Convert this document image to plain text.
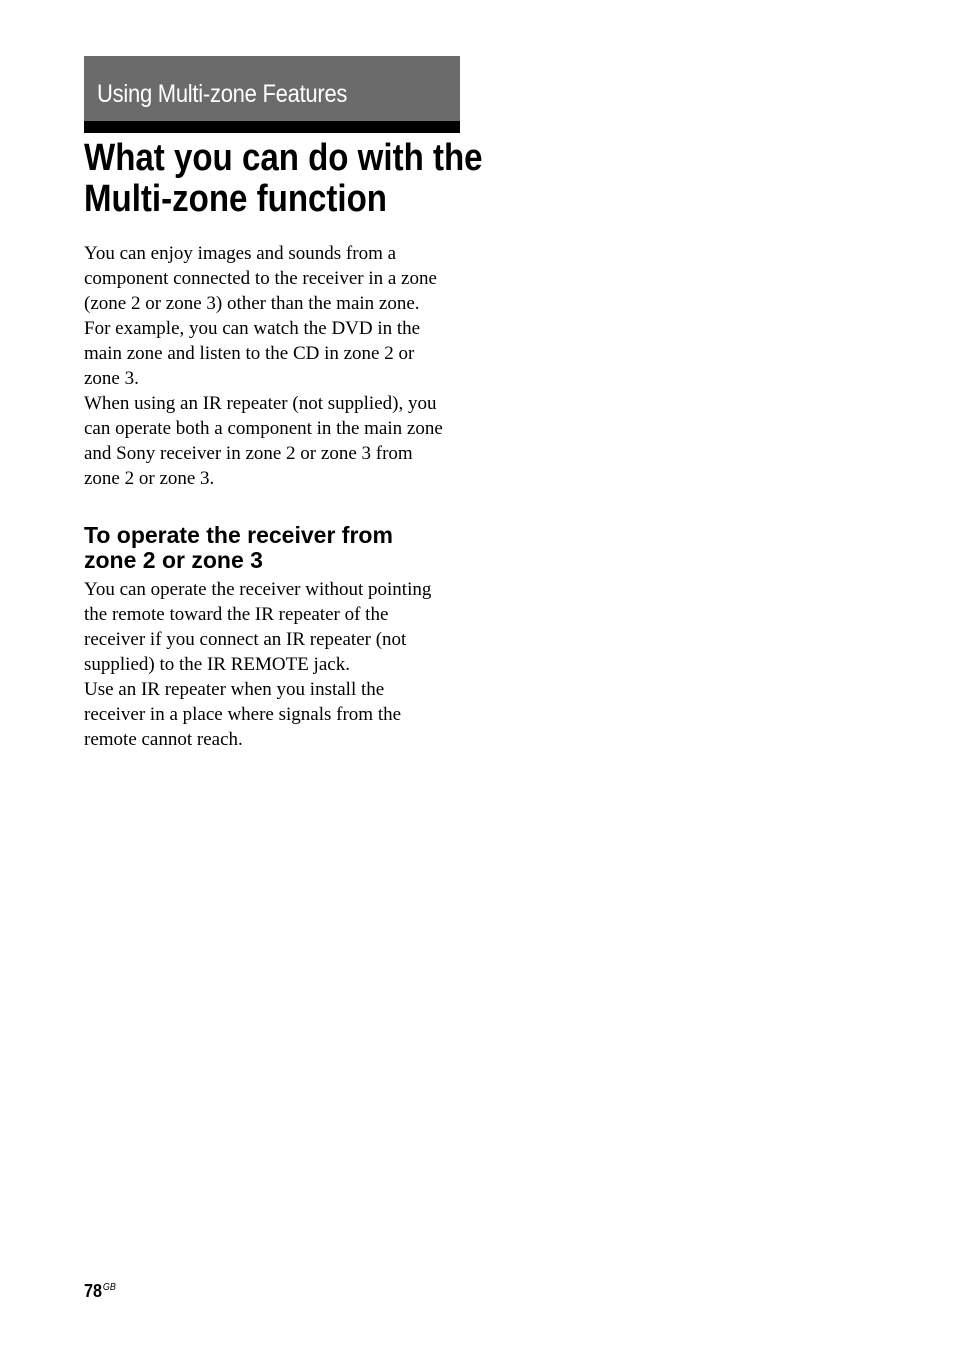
Using Multi-zone Features
What you can do with the
Multi-zone function

You can enjoy images and sounds from a
component connected to the receiver in a zone
(zone 2 or zone 3) other than the main zone.
For example, you can watch the DVD in the
main zone and listen to the CD in zone 2 or
zone 3.
When using an IR repeater (not supplied), you
can operate both a component in the main zone
and Sony receiver in zone 2 or zone 3 from
zone 2 or zone 3.

To operate the receiver from
zone 2 or zone 3

You can operate the receiver without pointing
the remote toward the IR repeater of the
receiver if you connect an IR repeater (not
supplied) to the IR REMOTE jack.
Use an IR repeater when you install the
receiver in a place where signals from the
remote cannot reach.

$78^{GB}$
